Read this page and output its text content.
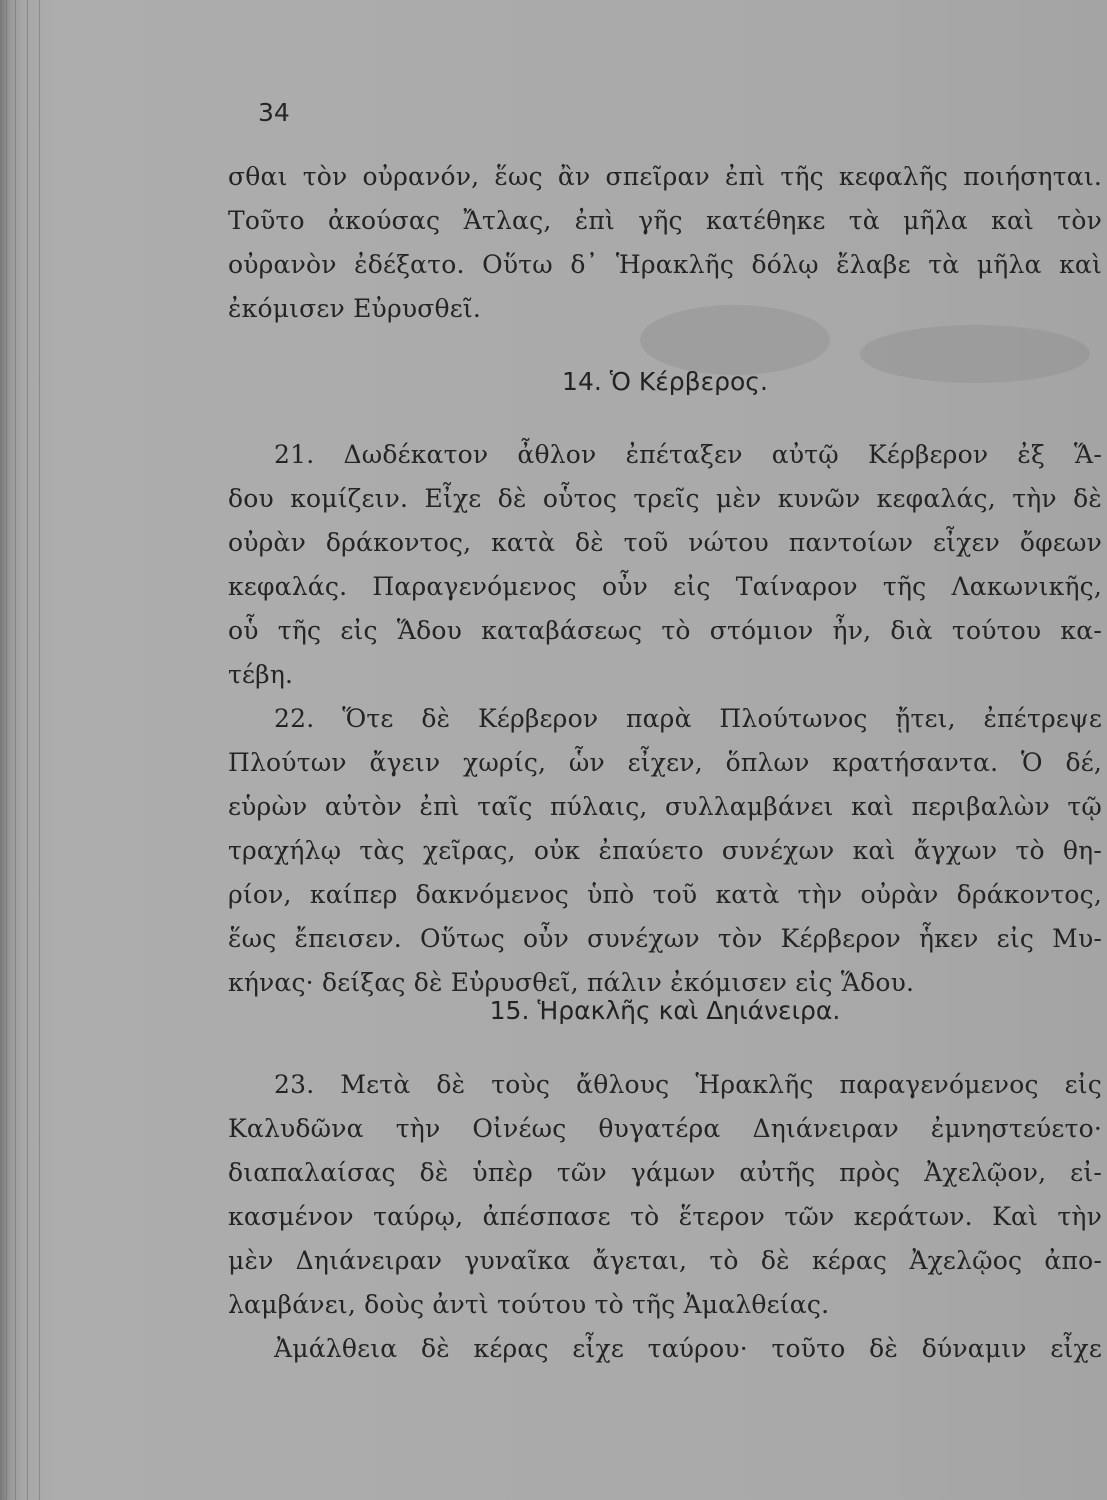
34
σθαι τὸν οὐρανόν, ἕως ἂν σπεῖραν ἐπὶ τῆς κεφαλῆς ποιήσηται.
Τοῦτο ἀκούσας Ἄτλας, ἐπὶ γῆς κατέθηκε τὰ μῆλα καὶ τὸν
οὐρανὸν ἐδέξατο. Οὕτω δ᾽ Ἡρακλῆς δόλῳ ἔλαβε τὰ μῆλα καὶ
ἐκόμισεν Εὐρυσθεῖ.
14. Ὁ Κέρβερος.
21. Δωδέκατον ἆθλον ἐπέταξεν αὐτῷ Κέρβερον ἐξ Ἅ-
δου κομίζειν. Εἶχε δὲ οὗτος τρεῖς μὲν κυνῶν κεφαλάς, τὴν δὲ
οὐρὰν δράκοντος, κατὰ δὲ τοῦ νώτου παντοίων εἶχεν ὄφεων
κεφαλάς. Παραγενόμενος οὖν εἰς Ταίναρον τῆς Λακωνικῆς,
οὗ τῆς εἰς Ἅδου καταβάσεως τὸ στόμιον ἦν, διὰ τούτου κα-
τέβη.
22. Ὅτε δὲ Κέρβερον παρὰ Πλούτωνος ᾔτει, ἐπέτρεψε
Πλούτων ἄγειν χωρίς, ὧν εἶχεν, ὅπλων κρατήσαντα. Ὁ δέ,
εὑρὼν αὐτὸν ἐπὶ ταῖς πύλαις, συλλαμβάνει καὶ περιβαλὼν τῷ
τραχήλῳ τὰς χεῖρας, οὐκ ἐπαύετο συνέχων καὶ ἄγχων τὸ θη-
ρίον, καίπερ δακνόμενος ὑπὸ τοῦ κατὰ τὴν οὐρὰν δράκοντος,
ἕως ἔπεισεν. Οὕτως οὖν συνέχων τὸν Κέρβερον ἧκεν εἰς Μυ-
κήνας· δείξας δὲ Εὐρυσθεῖ, πάλιν ἐκόμισεν εἰς Ἅδου.
15. Ἡρακλῆς καὶ Δηιάνειρα.
23. Μετὰ δὲ τοὺς ἄθλους Ἡρακλῆς παραγενόμενος εἰς
Καλυδῶνα τὴν Οἰνέως θυγατέρα Δηιάνειραν ἐμνηστεύετο·
διαπαλαίσας δὲ ὑπὲρ τῶν γάμων αὐτῆς πρὸς Ἀχελῷον, εἰ-
κασμένον ταύρῳ, ἀπέσπασε τὸ ἕτερον τῶν κεράτων. Καὶ τὴν
μὲν Δηιάνειραν γυναῖκα ἄγεται, τὸ δὲ κέρας Ἀχελῷος ἀπο-
λαμβάνει, δοὺς ἀντὶ τούτου τὸ τῆς Ἀμαλθείας.
Ἀμάλθεια δὲ κέρας εἶχε ταύρου· τοῦτο δὲ δύναμιν εἶχε
